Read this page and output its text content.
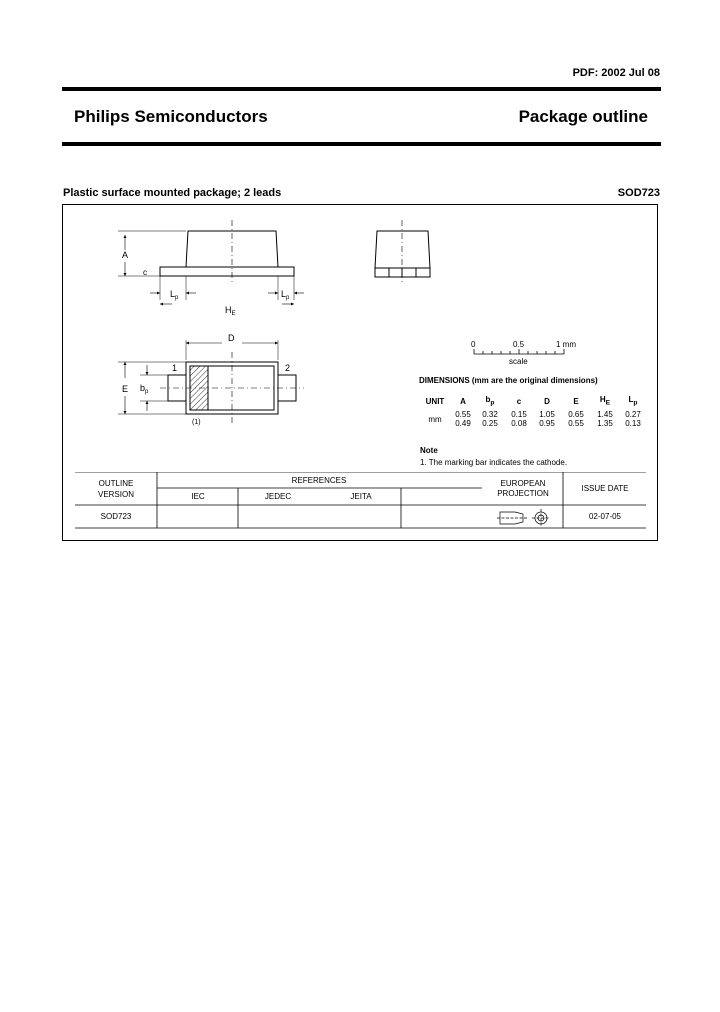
PDF: 2002 Jul 08
Philips Semiconductors	Package outline
Plastic surface mounted package; 2 leads	SOD723
A
c
$L_p$	$L_p$
$H_E$
D
E $b_p$
1	2
(1)
0	0.5	1 mm
scale
DIMENSIONS (mm are the original dimensions)
UNIT	A	$b_p$	c	D	E	$H_E$	$L_p$
mm	0.55	0.32	0.15	1.05	0.65	1.45	0.27
	0.49	0.25	0.08	0.95	0.55	1.35	0.13
Note
1. The marking bar indicates the cathode.
OUTLINE
VERSION
REFERENCES
IEC	JEDEC	JEITA
EUROPEAN
PROJECTION
ISSUE DATE
SOD723	02-07-05
